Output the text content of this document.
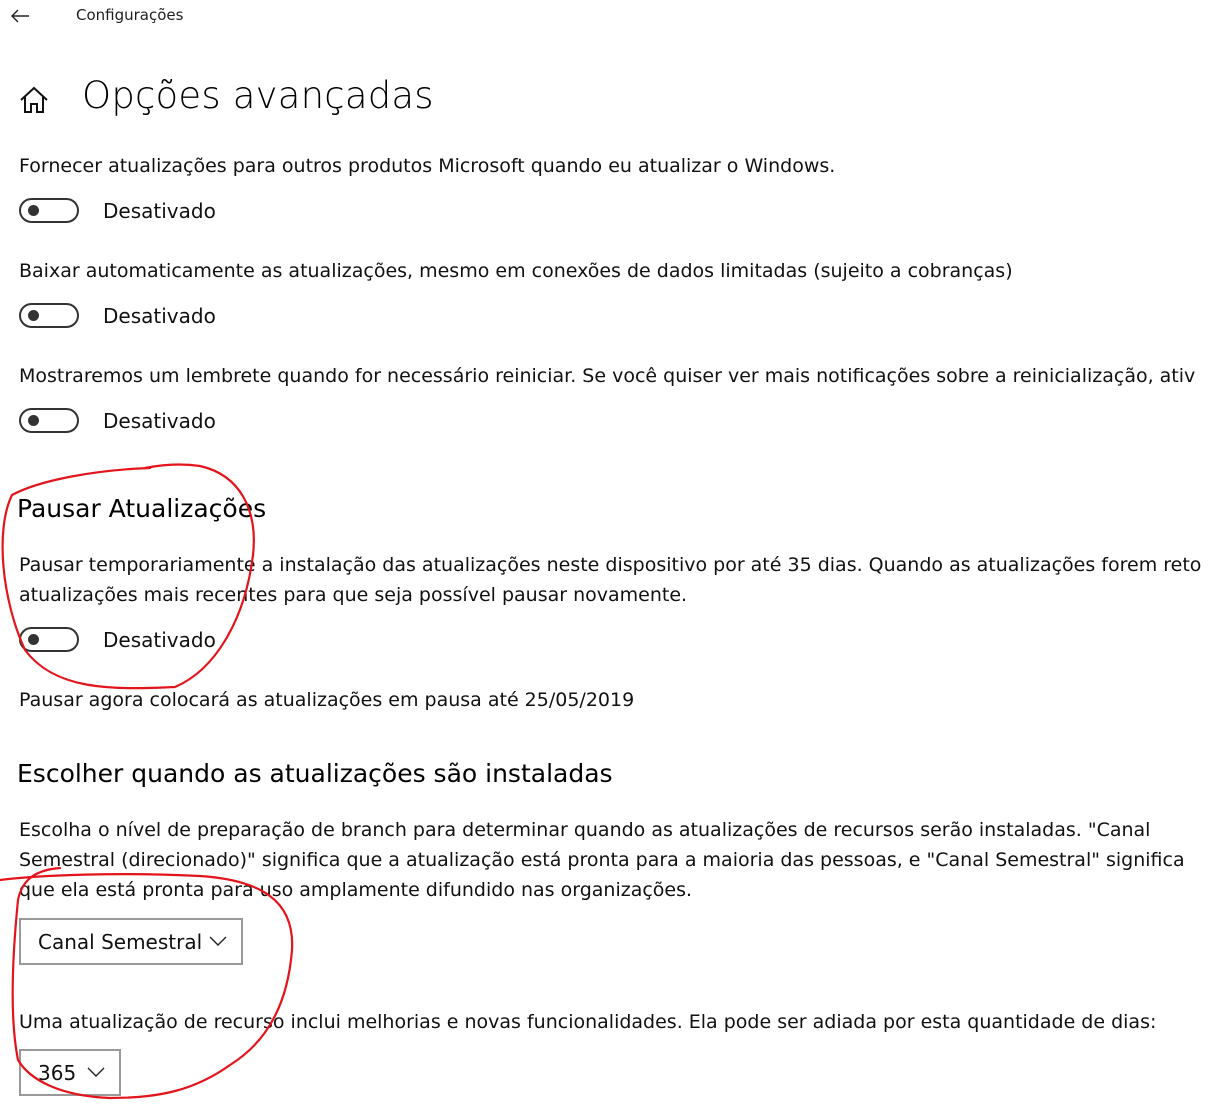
Configurações
Opções avançadas
Fornecer atualizações para outros produtos Microsoft quando eu atualizar o Windows.
Desativado
Baixar automaticamente as atualizações, mesmo em conexões de dados limitadas (sujeito a cobranças)
Desativado
Mostraremos um lembrete quando for necessário reiniciar. Se você quiser ver mais notificações sobre a reinicialização, ativ
Desativado
Pausar Atualizações
Pausar temporariamente a instalação das atualizações neste dispositivo por até 35 dias. Quando as atualizações forem reto
atualizações mais recentes para que seja possível pausar novamente.
Desativado
Pausar agora colocará as atualizações em pausa até 25/05/2019
Escolher quando as atualizações são instaladas
Escolha o nível de preparação de branch para determinar quando as atualizações de recursos serão instaladas. "Canal
Semestral (direcionado)" significa que a atualização está pronta para a maioria das pessoas, e "Canal Semestral" significa
que ela está pronta para uso amplamente difundido nas organizações.
Canal Semestral
Uma atualização de recurso inclui melhorias e novas funcionalidades. Ela pode ser adiada por esta quantidade de dias:
365
